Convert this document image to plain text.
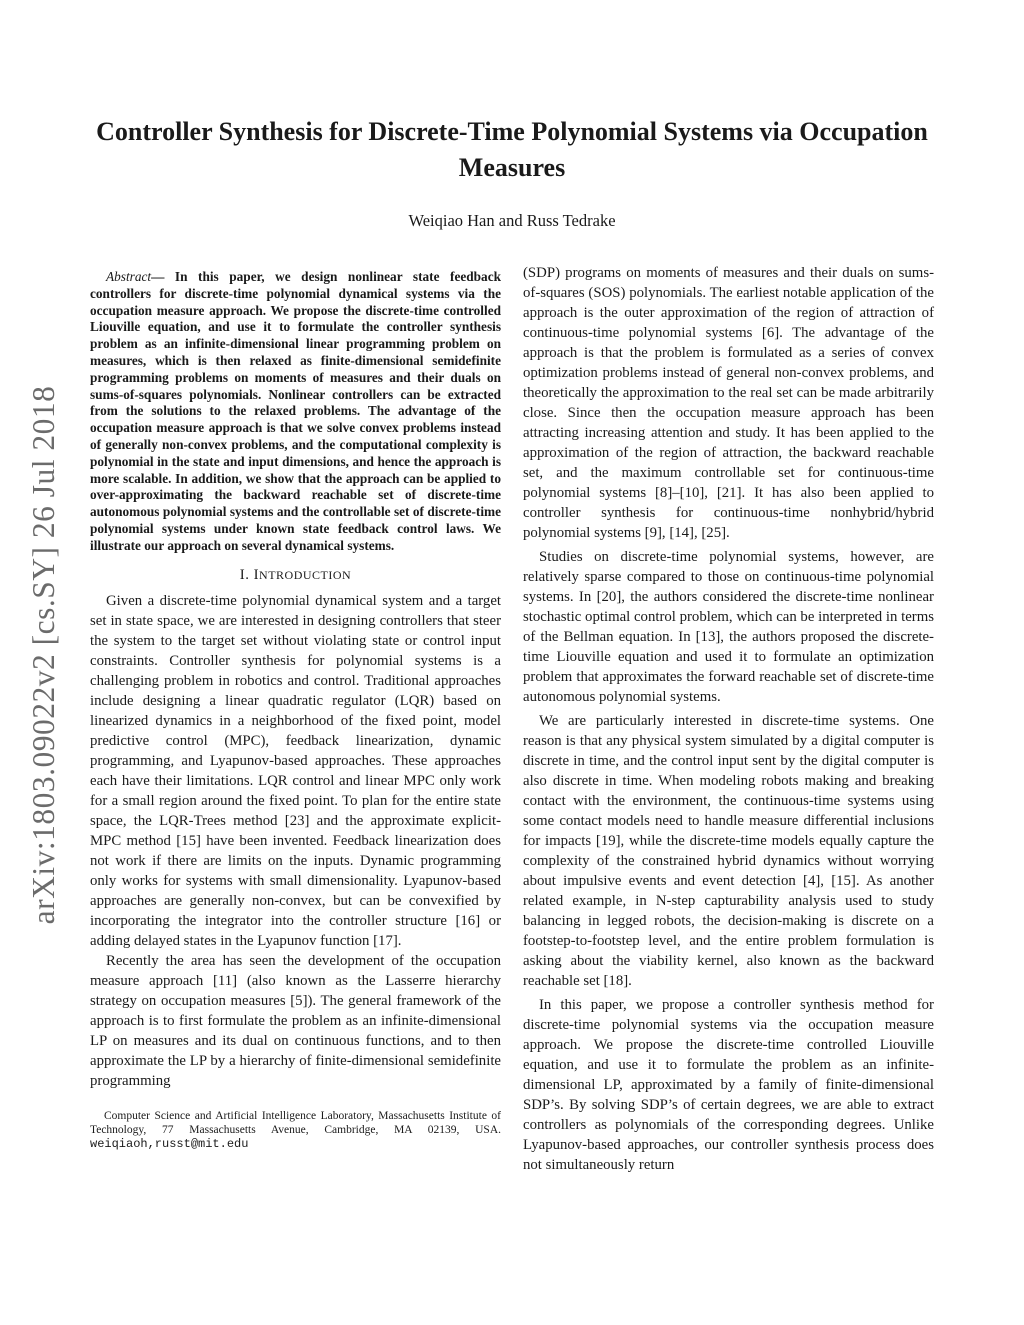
Controller Synthesis for Discrete-Time Polynomial Systems via Occupation Measures
Weiqiao Han and Russ Tedrake
arXiv:1803.09022v2 [cs.SY] 26 Jul 2018

Abstract— In this paper, we design nonlinear state feedback controllers for discrete-time polynomial dynamical systems via the occupation measure approach. We propose the discrete-time controlled Liouville equation, and use it to formulate the controller synthesis problem as an infinite-dimensional linear programming problem on measures, which is then relaxed as finite-dimensional semidefinite programming problems on moments of measures and their duals on sums-of-squares polynomials. Nonlinear controllers can be extracted from the solutions to the relaxed problems. The advantage of the occupation measure approach is that we solve convex problems instead of generally non-convex problems, and the computational complexity is polynomial in the state and input dimensions, and hence the approach is more scalable. In addition, we show that the approach can be applied to over-approximating the backward reachable set of discrete-time autonomous polynomial systems and the controllable set of discrete-time polynomial systems under known state feedback control laws. We illustrate our approach on several dynamical systems.

I. INTRODUCTION

Given a discrete-time polynomial dynamical system and a target set in state space, we are interested in designing controllers that steer the system to the target set without violating state or control input constraints. Controller synthesis for polynomial systems is a challenging problem in robotics and control. Traditional approaches include designing a linear quadratic regulator (LQR) based on linearized dynamics in a neighborhood of the fixed point, model predictive control (MPC), feedback linearization, dynamic programming, and Lyapunov-based approaches. These approaches each have their limitations. LQR control and linear MPC only work for a small region around the fixed point. To plan for the entire state space, the LQR-Trees method [23] and the approximate explicit-MPC method [15] have been invented. Feedback linearization does not work if there are limits on the inputs. Dynamic programming only works for systems with small dimensionality. Lyapunov-based approaches are generally non-convex, but can be convexified by incorporating the integrator into the controller structure [16] or adding delayed states in the Lyapunov function [17].

Recently the area has seen the development of the occupation measure approach [11] (also known as the Lasserre hierarchy strategy on occupation measures [5]). The general framework of the approach is to first formulate the problem as an infinite-dimensional LP on measures and its dual on continuous functions, and to then approximate the LP by a hierarchy of finite-dimensional semidefinite programming

Computer Science and Artificial Intelligence Laboratory, Massachusetts Institute of Technology, 77 Massachusetts Avenue, Cambridge, MA 02139, USA. weiqiaoh,russt@mit.edu

(SDP) programs on moments of measures and their duals on sums-of-squares (SOS) polynomials. The earliest notable application of the approach is the outer approximation of the region of attraction of continuous-time polynomial systems [6]. The advantage of the approach is that the problem is formulated as a series of convex optimization problems instead of general non-convex problems, and theoretically the approximation to the real set can be made arbitrarily close. Since then the occupation measure approach has been attracting increasing attention and study. It has been applied to the approximation of the region of attraction, the backward reachable set, and the maximum controllable set for continuous-time polynomial systems [8]–[10], [21]. It has also been applied to controller synthesis for continuous-time nonhybrid/hybrid polynomial systems [9], [14], [25].

Studies on discrete-time polynomial systems, however, are relatively sparse compared to those on continuous-time polynomial systems. In [20], the authors considered the discrete-time nonlinear stochastic optimal control problem, which can be interpreted in terms of the Bellman equation. In [13], the authors proposed the discrete-time Liouville equation and used it to formulate an optimization problem that approximates the forward reachable set of discrete-time autonomous polynomial systems.

We are particularly interested in discrete-time systems. One reason is that any physical system simulated by a digital computer is discrete in time, and the control input sent by the digital computer is also discrete in time. When modeling robots making and breaking contact with the environment, the continuous-time systems using some contact models need to handle measure differential inclusions for impacts [19], while the discrete-time models equally capture the complexity of the constrained hybrid dynamics without worrying about impulsive events and event detection [4], [15]. As another related example, in N-step capturability analysis used to study balancing in legged robots, the decision-making is discrete on a footstep-to-footstep level, and the entire problem formulation is asking about the viability kernel, also known as the backward reachable set [18].

In this paper, we propose a controller synthesis method for discrete-time polynomial systems via the occupation measure approach. We propose the discrete-time controlled Liouville equation, and use it to formulate the problem as an infinite-dimensional LP, approximated by a family of finite-dimensional SDP’s. By solving SDP’s of certain degrees, we are able to extract controllers as polynomials of the corresponding degrees. Unlike Lyapunov-based approaches, our controller synthesis process does not simultaneously return
